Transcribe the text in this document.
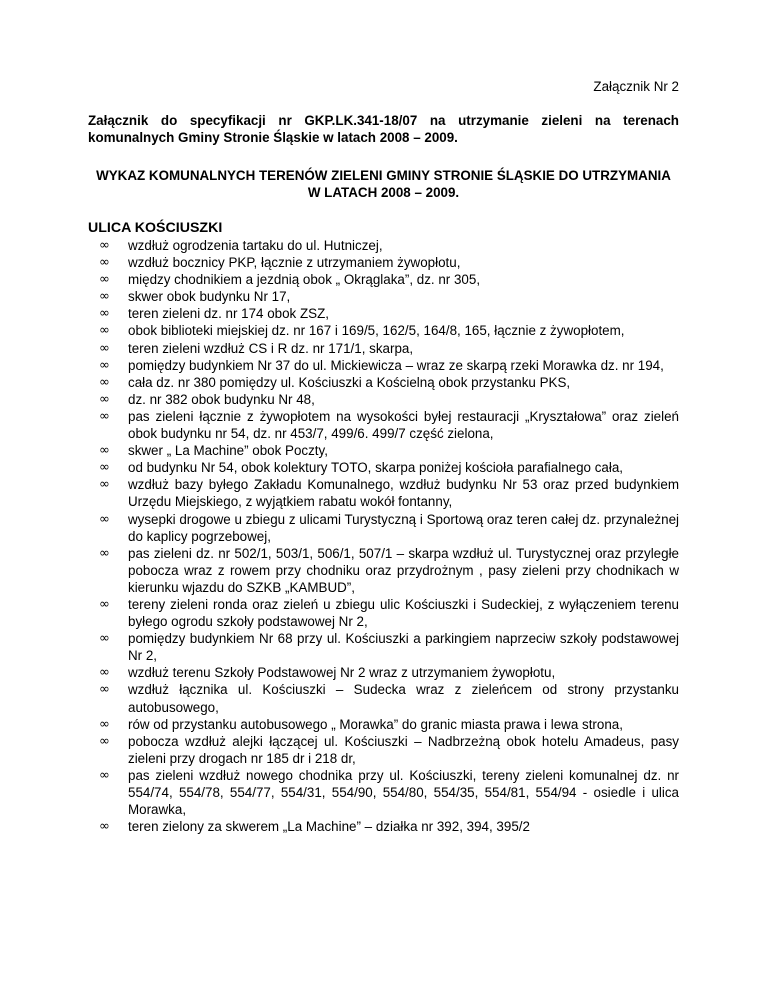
Załącznik Nr 2
Załącznik do specyfikacji nr GKP.LK.341-18/07 na utrzymanie zieleni na terenach komunalnych Gminy Stronie Śląskie w latach 2008 – 2009.
WYKAZ KOMUNALNYCH TERENÓW ZIELENI GMINY STRONIE ŚLĄSKIE DO UTRZYMANIA W LATACH 2008 – 2009.
ULICA KOŚCIUSZKI
∞ wzdłuż ogrodzenia tartaku do ul. Hutniczej,
∞ wzdłuż bocznicy PKP, łącznie z utrzymaniem żywopłotu,
∞ między chodnikiem a jezdnią obok „ Okrąglaka”, dz. nr 305,
∞ skwer obok budynku Nr 17,
∞ teren zieleni dz. nr 174 obok ZSZ,
∞ obok biblioteki miejskiej dz. nr 167 i 169/5, 162/5, 164/8, 165, łącznie z żywopłotem,
∞ teren zieleni wzdłuż CS i R dz. nr 171/1, skarpa,
∞ pomiędzy budynkiem Nr 37 do ul. Mickiewicza – wraz ze skarpą rzeki Morawka dz. nr 194,
∞ cała dz. nr 380 pomiędzy ul. Kościuszki a Kościelną obok przystanku PKS,
∞ dz. nr 382 obok budynku Nr 48,
∞ pas zieleni łącznie z żywopłotem na wysokości byłej restauracji „Kryształowa” oraz zieleń obok budynku nr 54, dz. nr 453/7, 499/6. 499/7 część zielona,
∞ skwer „ La Machine” obok Poczty,
∞ od budynku Nr 54, obok kolektury TOTO, skarpa poniżej kościoła parafialnego cała,
∞ wzdłuż bazy byłego Zakładu Komunalnego, wzdłuż budynku Nr 53 oraz przed budynkiem Urzędu Miejskiego, z wyjątkiem rabatu wokół fontanny,
∞ wysepki drogowe u zbiegu z ulicami Turystyczną i Sportową oraz teren całej dz. przynależnej do kaplicy pogrzebowej,
∞ pas zieleni dz. nr 502/1, 503/1, 506/1, 507/1 – skarpa wzdłuż ul. Turystycznej oraz przyległe pobocza wraz z rowem przy chodniku oraz przydrożnym , pasy zieleni przy chodnikach w kierunku wjazdu do SZKB „KAMBUD”,
∞ tereny zieleni ronda oraz zieleń u zbiegu ulic Kościuszki i Sudeckiej, z wyłączeniem terenu byłego ogrodu szkoły podstawowej Nr 2,
∞ pomiędzy budynkiem Nr 68 przy ul. Kościuszki a parkingiem naprzeciw szkoły podstawowej Nr 2,
∞ wzdłuż terenu Szkoły Podstawowej Nr 2 wraz z utrzymaniem żywopłotu,
∞ wzdłuż łącznika ul. Kościuszki – Sudecka wraz z zieleńcem od strony przystanku autobusowego,
∞ rów od przystanku autobusowego „ Morawka” do granic miasta prawa i lewa strona,
∞ pobocza wzdłuż alejki łączącej ul. Kościuszki – Nadbrzeżną obok hotelu Amadeus, pasy zieleni przy drogach nr 185 dr i 218 dr,
∞ pas zieleni wzdłuż nowego chodnika przy ul. Kościuszki, tereny zieleni komunalnej dz. nr 554/74, 554/78, 554/77, 554/31, 554/90, 554/80, 554/35, 554/81, 554/94 - osiedle i ulica Morawka,
∞ teren zielony za skwerem „La Machine” – działka nr 392, 394, 395/2
